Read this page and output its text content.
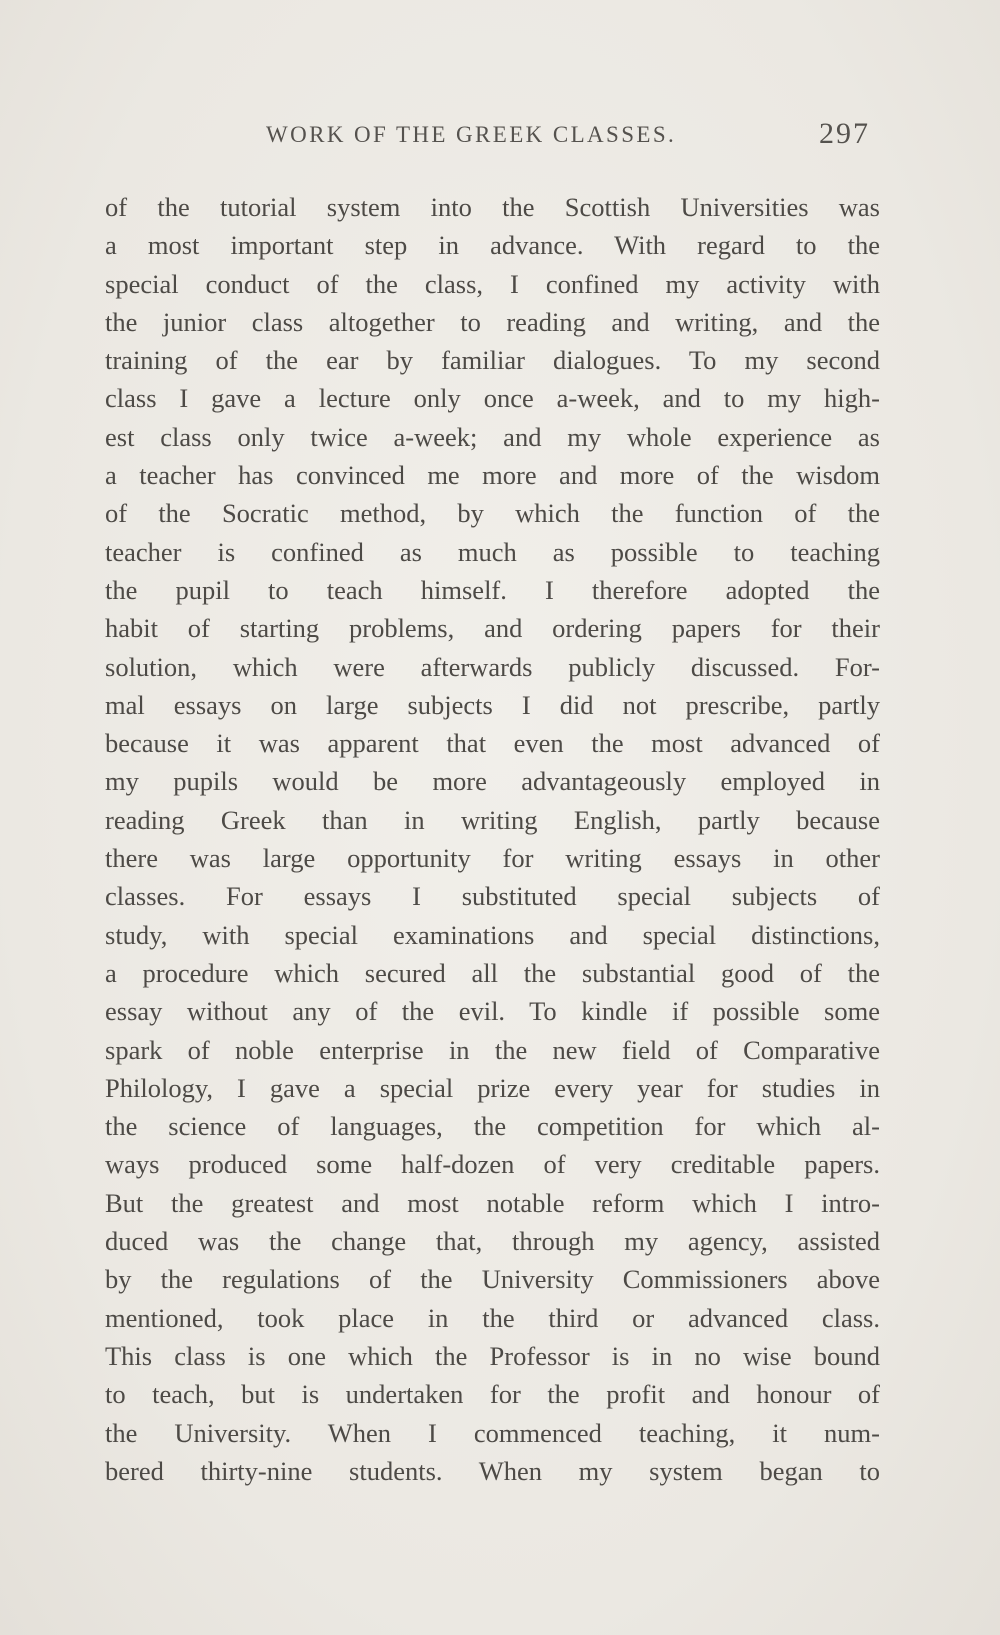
WORK OF THE GREEK CLASSES.	297
of the tutorial system into the Scottish Universities was
a most important step in advance. With regard to the
special conduct of the class, I confined my activity with
the junior class altogether to reading and writing, and the
training of the ear by familiar dialogues. To my second
class I gave a lecture only once a-week, and to my high-
est class only twice a-week; and my whole experience as
a teacher has convinced me more and more of the wisdom
of the Socratic method, by which the function of the
teacher is confined as much as possible to teaching
the pupil to teach himself. I therefore adopted the
habit of starting problems, and ordering papers for their
solution, which were afterwards publicly discussed. For-
mal essays on large subjects I did not prescribe, partly
because it was apparent that even the most advanced of
my pupils would be more advantageously employed in
reading Greek than in writing English, partly because
there was large opportunity for writing essays in other
classes. For essays I substituted special subjects of
study, with special examinations and special distinctions,
a procedure which secured all the substantial good of the
essay without any of the evil. To kindle if possible some
spark of noble enterprise in the new field of Comparative
Philology, I gave a special prize every year for studies in
the science of languages, the competition for which al-
ways produced some half-dozen of very creditable papers.
But the greatest and most notable reform which I intro-
duced was the change that, through my agency, assisted
by the regulations of the University Commissioners above
mentioned, took place in the third or advanced class.
This class is one which the Professor is in no wise bound
to teach, but is undertaken for the profit and honour of
the University. When I commenced teaching, it num-
bered thirty-nine students. When my system began to
